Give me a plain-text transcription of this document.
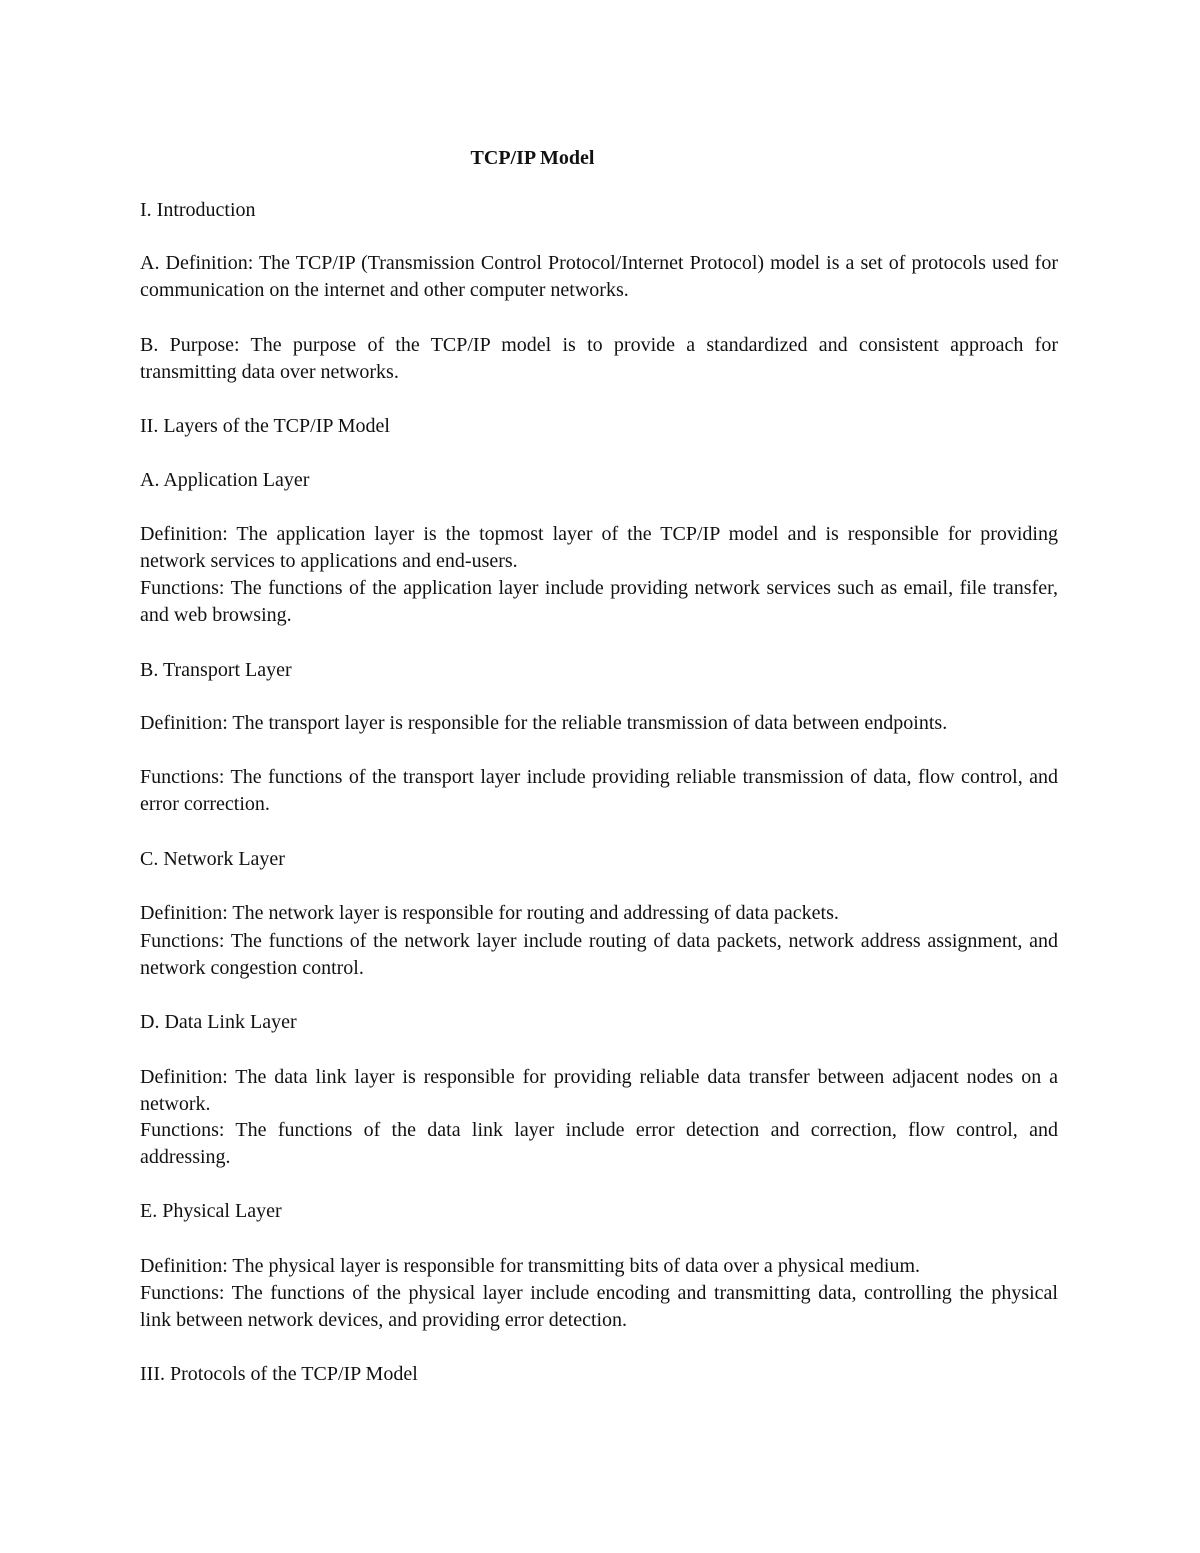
TCP/IP Model

I. Introduction

A. Definition: The TCP/IP (Transmission Control Protocol/Internet Protocol) model is a set of protocols used for communication on the internet and other computer networks.

B. Purpose: The purpose of the TCP/IP model is to provide a standardized and consistent approach for transmitting data over networks.

II. Layers of the TCP/IP Model

A. Application Layer

Definition: The application layer is the topmost layer of the TCP/IP model and is responsible for providing network services to applications and end-users.

Functions: The functions of the application layer include providing network services such as email, file transfer, and web browsing.

B. Transport Layer

Definition: The transport layer is responsible for the reliable transmission of data between endpoints.

Functions: The functions of the transport layer include providing reliable transmission of data, flow control, and error correction.

C. Network Layer

Definition: The network layer is responsible for routing and addressing of data packets.

Functions: The functions of the network layer include routing of data packets, network address assignment, and network congestion control.

D. Data Link Layer

Definition: The data link layer is responsible for providing reliable data transfer between adjacent nodes on a network.

Functions: The functions of the data link layer include error detection and correction, flow control, and addressing.

E. Physical Layer

Definition: The physical layer is responsible for transmitting bits of data over a physical medium.

Functions: The functions of the physical layer include encoding and transmitting data, controlling the physical link between network devices, and providing error detection.

III. Protocols of the TCP/IP Model
